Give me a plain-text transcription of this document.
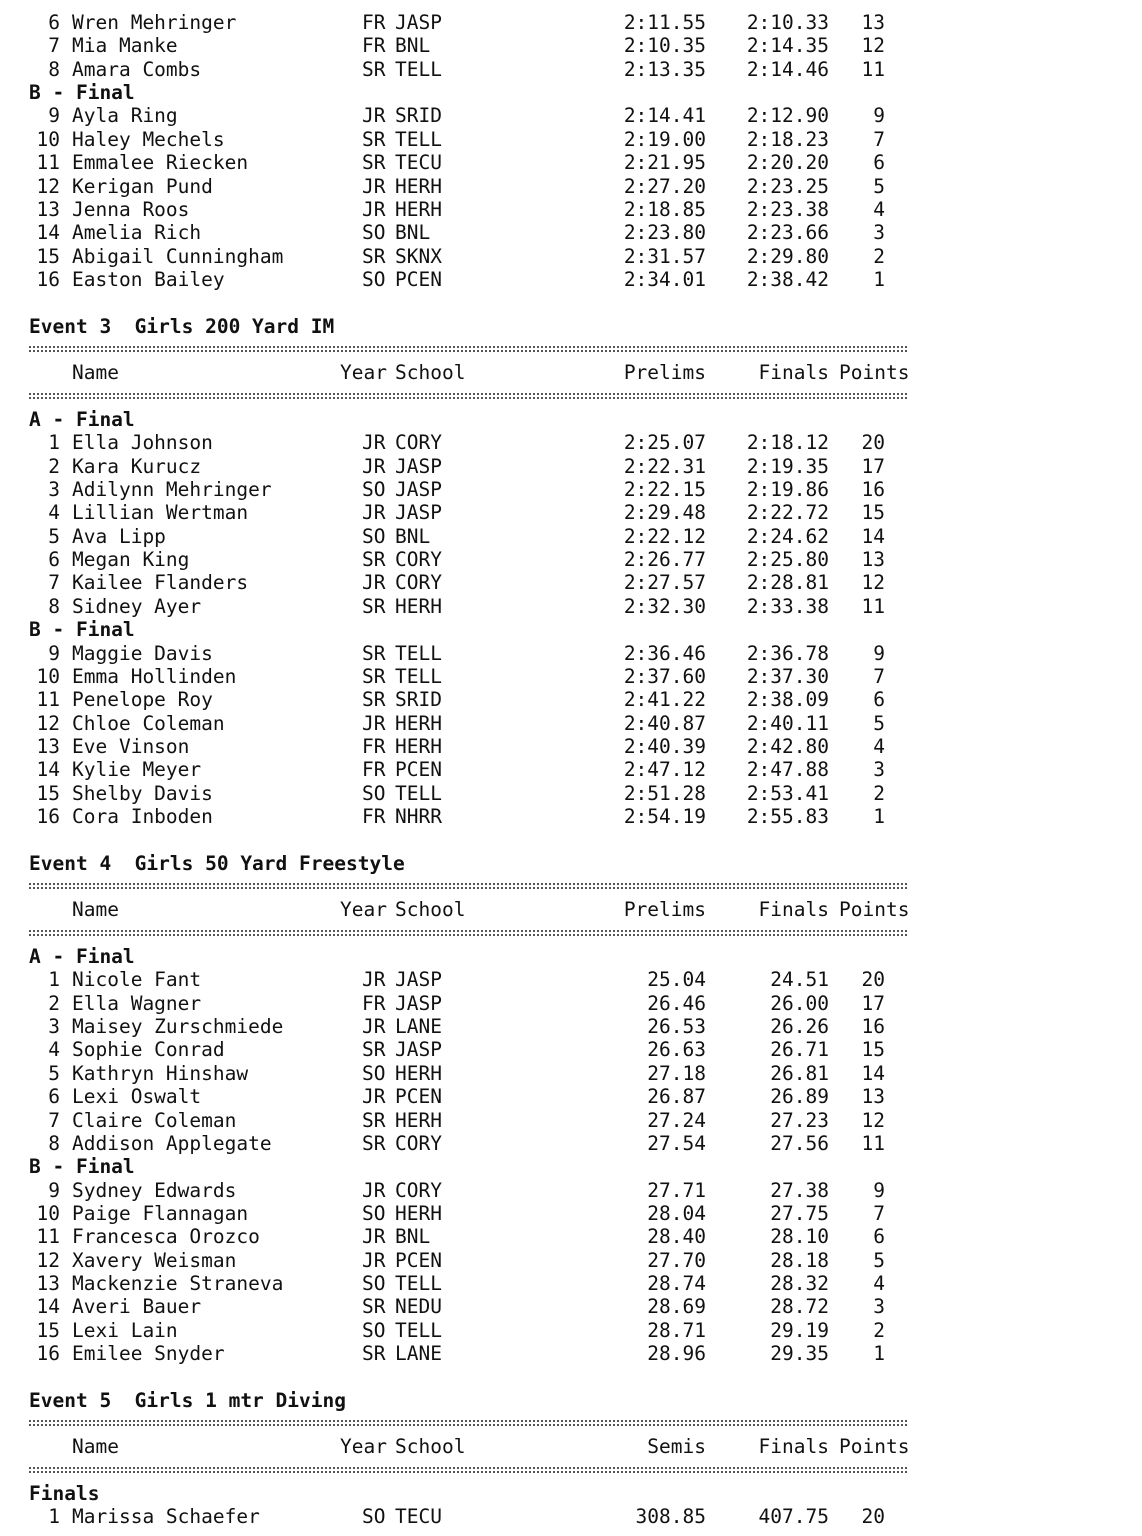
6 Wren Mehringer	FR JASP	2:11.55	2:10.33	13
7 Mia Manke	FR BNL	2:10.35	2:14.35	12
8 Amara Combs	SR TELL	2:13.35	2:14.46	11
B - Final
9 Ayla Ring	JR SRID	2:14.41	2:12.90	9
10 Haley Mechels	SR TELL	2:19.00	2:18.23	7
11 Emmalee Riecken	SR TECU	2:21.95	2:20.20	6
12 Kerigan Pund	JR HERH	2:27.20	2:23.25	5
13 Jenna Roos	JR HERH	2:18.85	2:23.38	4
14 Amelia Rich	SO BNL	2:23.80	2:23.66	3
15 Abigail Cunningham	SR SKNX	2:31.57	2:29.80	2
16 Easton Bailey	SO PCEN	2:34.01	2:38.42	1
Event 3  Girls 200 Yard IM
Name	Year School	Prelims	Finals Points
A - Final
1 Ella Johnson	JR CORY	2:25.07	2:18.12	20
2 Kara Kurucz	JR JASP	2:22.31	2:19.35	17
3 Adilynn Mehringer	SO JASP	2:22.15	2:19.86	16
4 Lillian Wertman	JR JASP	2:29.48	2:22.72	15
5 Ava Lipp	SO BNL	2:22.12	2:24.62	14
6 Megan King	SR CORY	2:26.77	2:25.80	13
7 Kailee Flanders	JR CORY	2:27.57	2:28.81	12
8 Sidney Ayer	SR HERH	2:32.30	2:33.38	11
B - Final
9 Maggie Davis	SR TELL	2:36.46	2:36.78	9
10 Emma Hollinden	SR TELL	2:37.60	2:37.30	7
11 Penelope Roy	SR SRID	2:41.22	2:38.09	6
12 Chloe Coleman	JR HERH	2:40.87	2:40.11	5
13 Eve Vinson	FR HERH	2:40.39	2:42.80	4
14 Kylie Meyer	FR PCEN	2:47.12	2:47.88	3
15 Shelby Davis	SO TELL	2:51.28	2:53.41	2
16 Cora Inboden	FR NHRR	2:54.19	2:55.83	1
Event 4  Girls 50 Yard Freestyle
Name	Year School	Prelims	Finals Points
A - Final
1 Nicole Fant	JR JASP	25.04	24.51	20
2 Ella Wagner	FR JASP	26.46	26.00	17
3 Maisey Zurschmiede	JR LANE	26.53	26.26	16
4 Sophie Conrad	SR JASP	26.63	26.71	15
5 Kathryn Hinshaw	SO HERH	27.18	26.81	14
6 Lexi Oswalt	JR PCEN	26.87	26.89	13
7 Claire Coleman	SR HERH	27.24	27.23	12
8 Addison Applegate	SR CORY	27.54	27.56	11
B - Final
9 Sydney Edwards	JR CORY	27.71	27.38	9
10 Paige Flannagan	SO HERH	28.04	27.75	7
11 Francesca Orozco	JR BNL	28.40	28.10	6
12 Xavery Weisman	JR PCEN	27.70	28.18	5
13 Mackenzie Straneva	SO TELL	28.74	28.32	4
14 Averi Bauer	SR NEDU	28.69	28.72	3
15 Lexi Lain	SO TELL	28.71	29.19	2
16 Emilee Snyder	SR LANE	28.96	29.35	1
Event 5  Girls 1 mtr Diving
Name	Year School	Semis	Finals Points
Finals
1 Marissa Schaefer	SO TECU	308.85	407.75	20
